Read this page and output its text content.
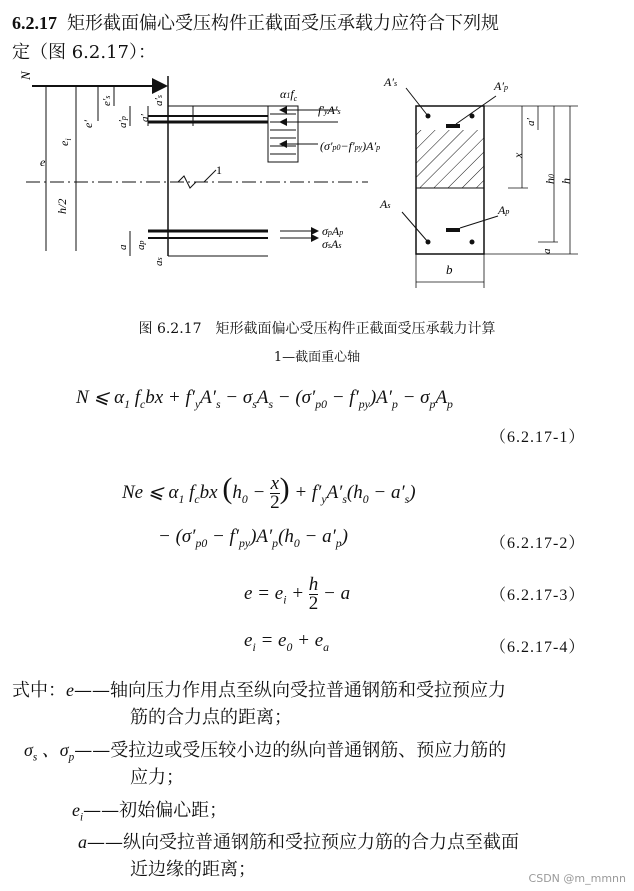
6.2.17 矩形截面偏心受压构件正截面受压承载力应符合下列规
定（图 6.2.17）：
N
e
$e_i$
e′
e′s
a′p a′
a′s
h/2
1
a ap
as
$\alpha 1f_c$
f′yA′s
(σ′p0−f′py)A′p
σpAp
σsAs
A′s	A′p
As	Ap
a′
x
h0
h
a
b
图 6.2.17　矩形截面偏心受压构件正截面受压承载力计算
1—截面重心轴
N ⩽ $\alpha_1$ $f_cbx + f'_yA'_s - \sigma_sA_s - (\sigma'_{p0} - f'_{py})A'_p - \sigma_pA_p$
（6.2.17-1）
Ne ⩽ $\alpha_1$ $f_cbx$ ($h_0 - \frac{x}{2}$ ) + $f'_yA'_s(h_0 - a'_s)$
− $(\sigma'_{p0} - f'_{py})A'_p(h_0 - a'_p)$	（6.2.17-2）
$e = e_i + \frac{h}{2} - a$	（6.2.17-3）
$e_i = e_0 + e_a$	（6.2.17-4）
式中：e——轴向压力作用点至纵向受拉普通钢筋和受拉预应力
筋的合力点的距离；
$\sigma_s$ 、$\sigma_p——$受拉边或受压较小边的纵向普通钢筋、预应力筋的
应力；
$e_i——$初始偏心距；
a——纵向受拉普通钢筋和受拉预应力筋的合力点至截面
近边缘的距离；	CSDN @m_mmnn
